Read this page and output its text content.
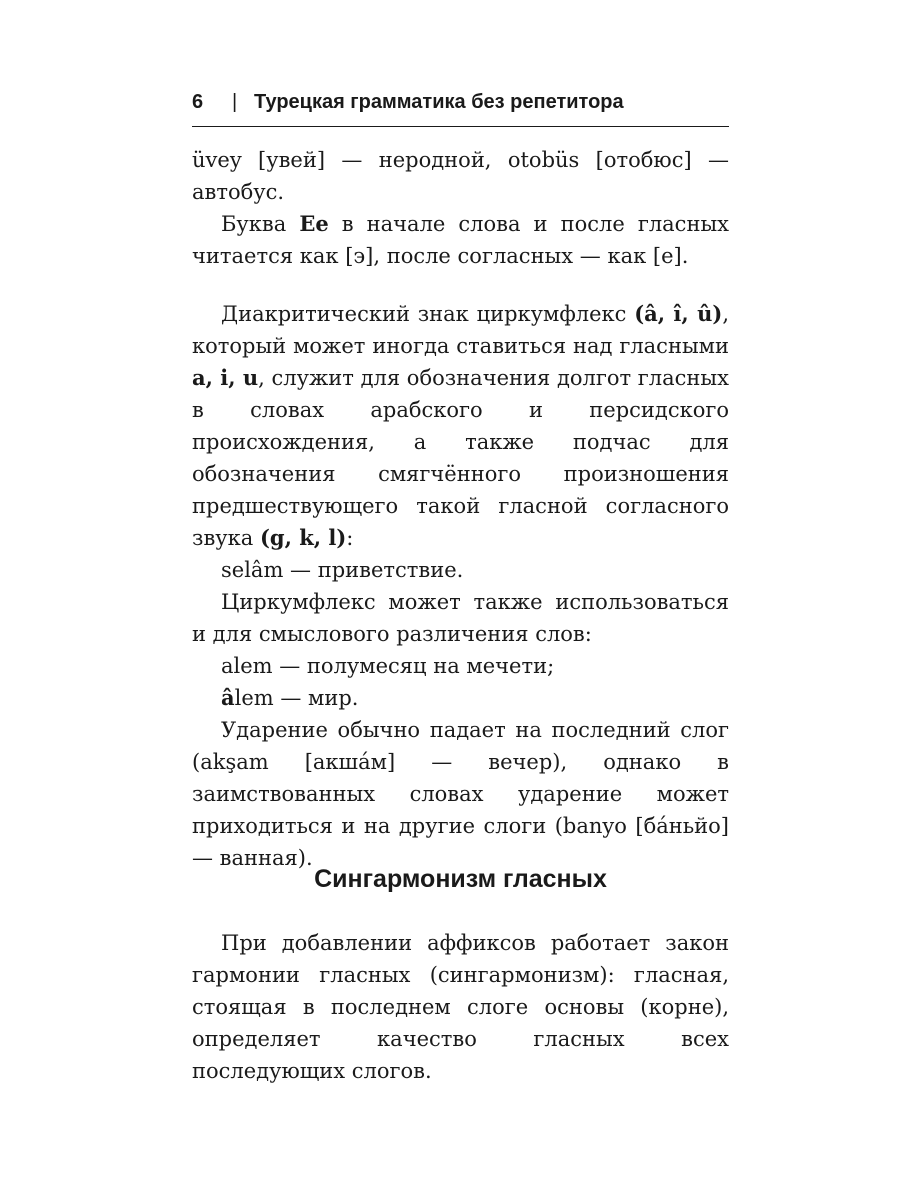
6 | Турецкая грамматика без репетитора

üvey [увей] — неродной, otobüs [отобюс] — автобус.

Буква Ee в начале слова и после гласных читается как [э], после согласных — как [е].

Диакритический знак циркумфлекс (â, î, û), который может иногда ставиться над гласными a, i, u, служит для обозначения долгот гласных в словах арабского и персидского происхождения, а также подчас для обозначения смягчённого произношения предшествующего такой гласной согласного звука (g, k, l):

selâm — приветствие.

Циркумфлекс может также использоваться и для смыслового различения слов:

alem — полумесяц на мечети;

âlem — мир.

Ударение обычно падает на последний слог (akşam [акша́м] — вечер), однако в заимствованных словах ударение может приходиться и на другие слоги (banyo [ба́ньйо] — ванная).

Сингармонизм гласных

При добавлении аффиксов работает закон гармонии гласных (сингармонизм): гласная, стоящая в последнем слоге основы (корне), определяет качество гласных всех последующих слогов.
